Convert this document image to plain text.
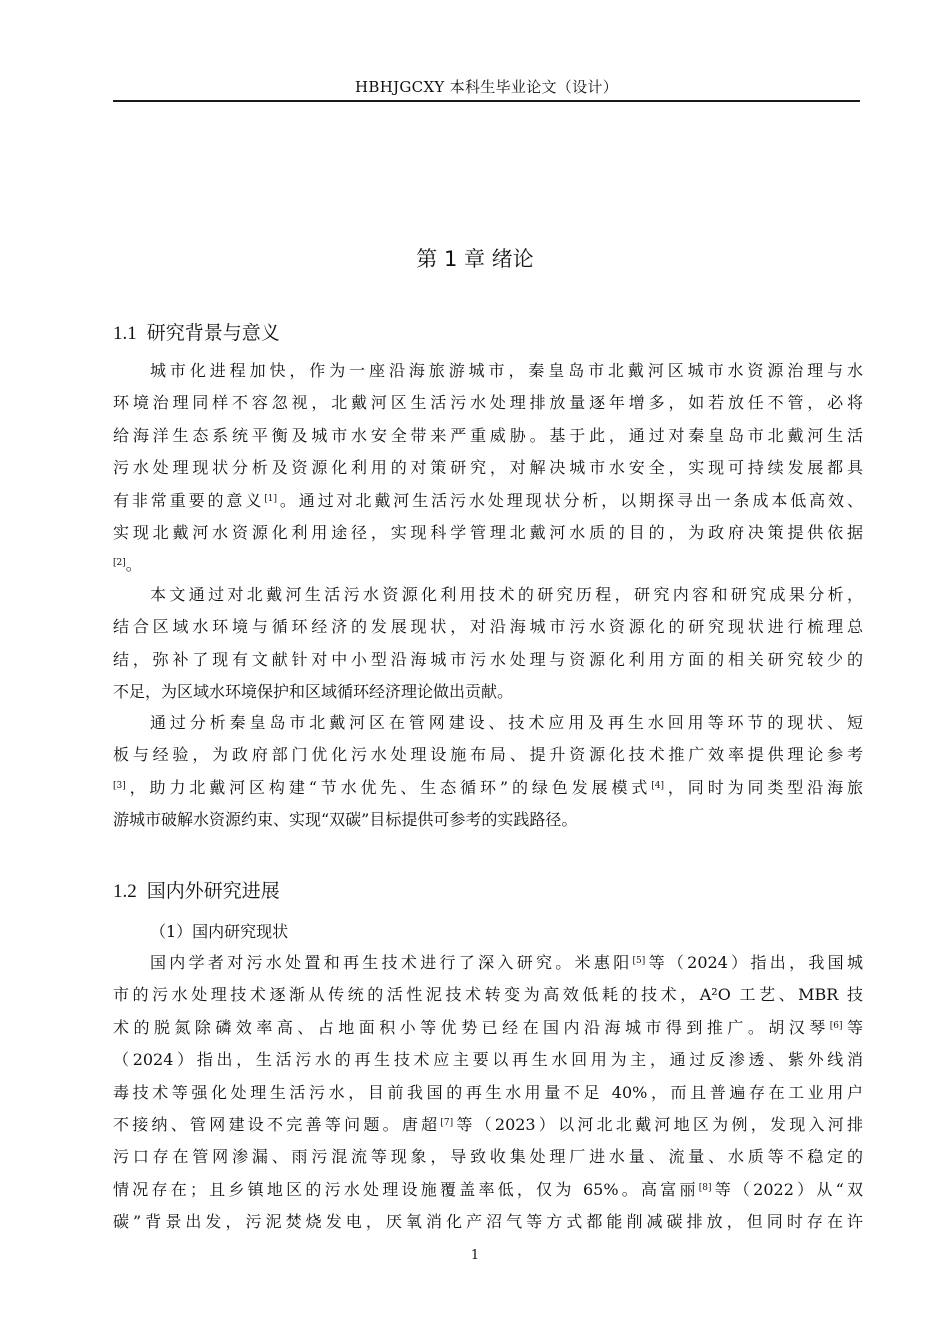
HBHJGCXY 本科生毕业论文（设计）
第 1 章 绪论
1.1 研究背景与意义
城市化进程加快，作为一座沿海旅游城市，秦皇岛市北戴河区城市水资源治理与水
环境治理同样不容忽视，北戴河区生活污水处理排放量逐年增多，如若放任不管，必将
给海洋生态系统平衡及城市水安全带来严重威胁。基于此，通过对秦皇岛市北戴河生活
污水处理现状分析及资源化利用的对策研究，对解决城市水安全，实现可持续发展都具
有非常重要的意义[1]。通过对北戴河生活污水处理现状分析，以期探寻出一条成本低高效、
实现北戴河水资源化利用途径，实现科学管理北戴河水质的目的，为政府决策提供依据
[2]。
本文通过对北戴河生活污水资源化利用技术的研究历程，研究内容和研究成果分析，
结合区域水环境与循环经济的发展现状，对沿海城市污水资源化的研究现状进行梳理总
结，弥补了现有文献针对中小型沿海城市污水处理与资源化利用方面的相关研究较少的
不足，为区域水环境保护和区域循环经济理论做出贡献。
通过分析秦皇岛市北戴河区在管网建设、技术应用及再生水回用等环节的现状、短
板与经验，为政府部门优化污水处理设施布局、提升资源化技术推广效率提供理论参考
[3]，助力北戴河区构建“节水优先、生态循环”的绿色发展模式[4]，同时为同类型沿海旅
游城市破解水资源约束、实现“双碳”目标提供可参考的实践路径。
1.2 国内外研究进展
（1）国内研究现状
国内学者对污水处置和再生技术进行了深入研究。米惠阳[5]等（2024）指出，我国城
市的污水处理技术逐渐从传统的活性泥技术转变为高效低耗的技术，A²O 工艺、MBR 技
术的脱氮除磷效率高、占地面积小等优势已经在国内沿海城市得到推广。胡汉琴[6]等
（2024）指出，生活污水的再生技术应主要以再生水回用为主，通过反渗透、紫外线消
毒技术等强化处理生活污水，目前我国的再生水用量不足 40%，而且普遍存在工业用户
不接纳、管网建设不完善等问题。唐超[7]等（2023）以河北北戴河地区为例，发现入河排
污口存在管网渗漏、雨污混流等现象，导致收集处理厂进水量、流量、水质等不稳定的
情况存在；且乡镇地区的污水处理设施覆盖率低，仅为 65%。高富丽[8]等（2022）从“双
碳”背景出发，污泥焚烧发电，厌氧消化产沼气等方式都能削减碳排放，但同时存在许
1
